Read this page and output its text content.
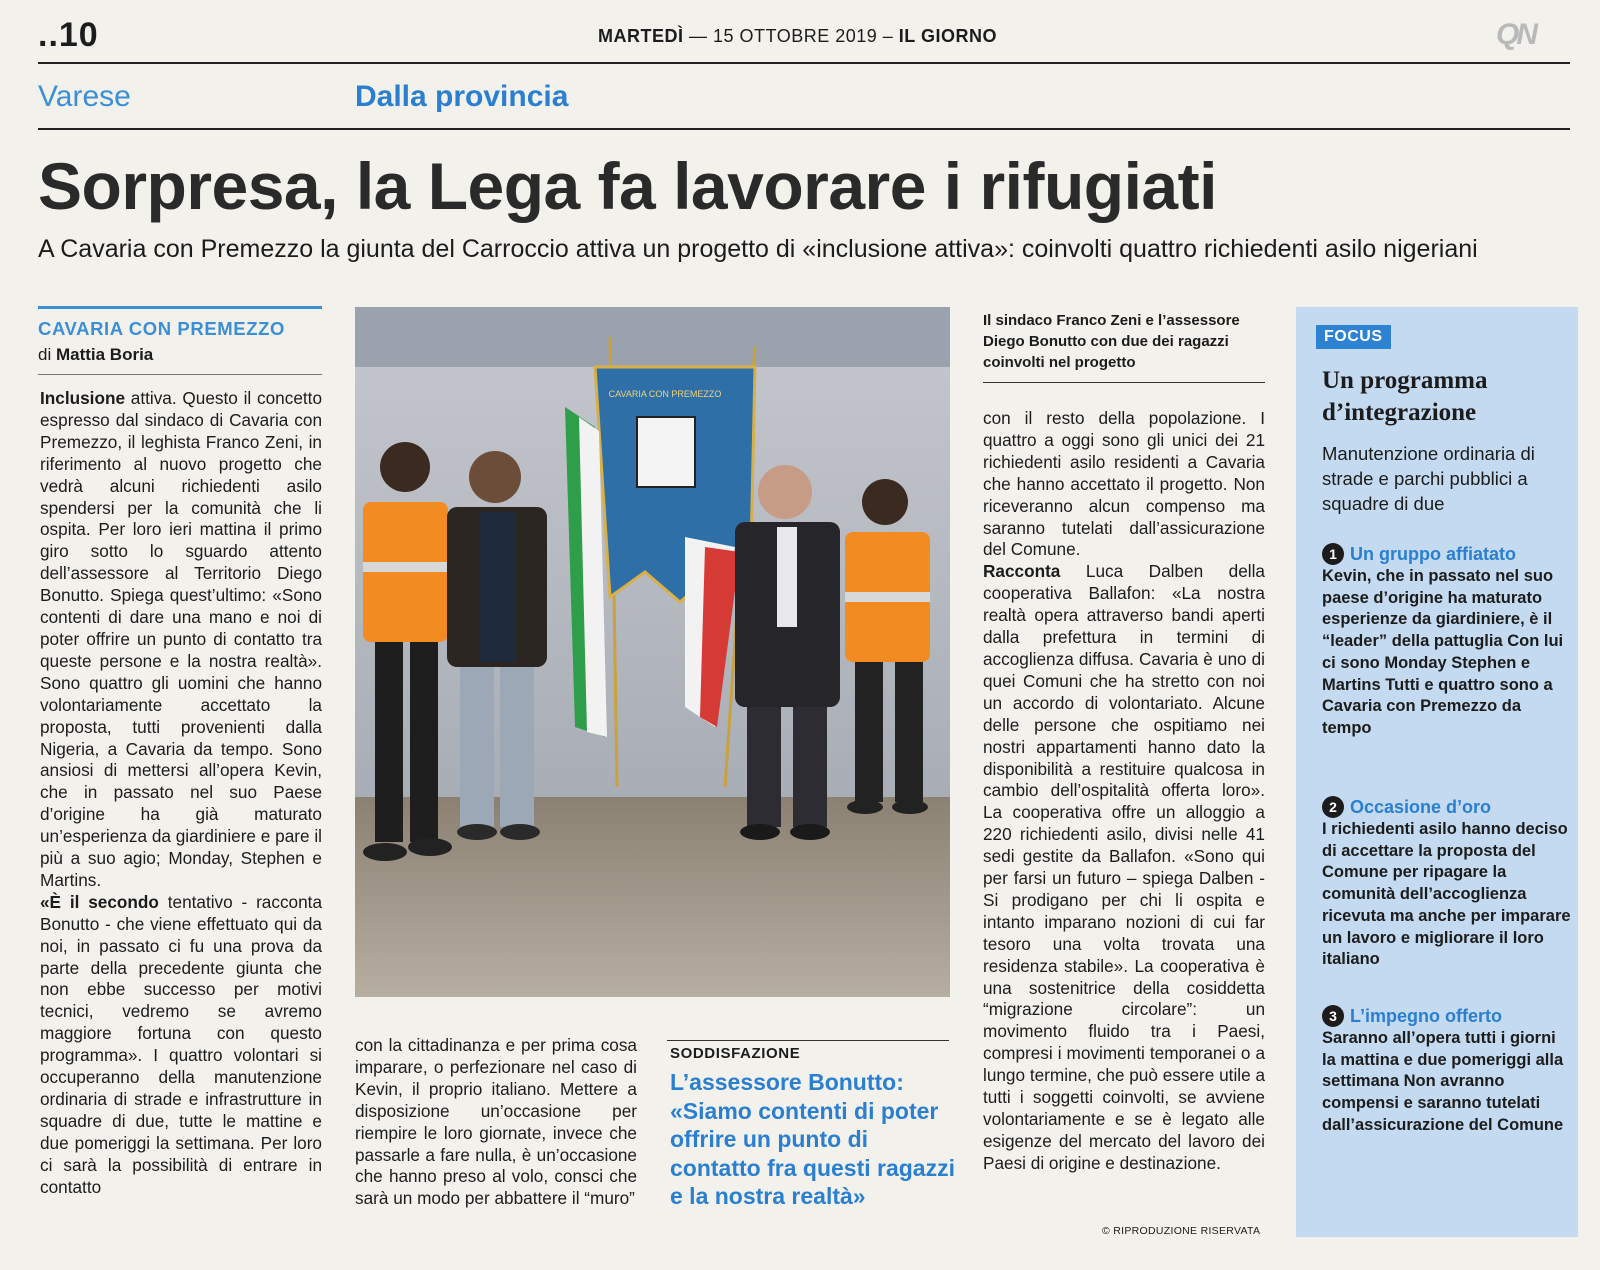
..10	MARTEDÌ — 15 OTTOBRE 2019 – IL GIORNO	QN
Varese	Dalla provincia
Sorpresa, la Lega fa lavorare i rifugiati
A Cavaria con Premezzo la giunta del Carroccio attiva un progetto di «inclusione attiva»: coinvolti quattro richiedenti asilo nigeriani
CAVARIA CON PREMEZZO
di Mattia Boria

Inclusione attiva. Questo il concetto espresso dal sindaco di Cavaria con Premezzo, il leghista Franco Zeni, in riferimento al nuovo progetto che vedrà alcuni richiedenti asilo spendersi per la comunità che li ospita. Per loro ieri mattina il primo giro sotto lo sguardo attento dell’assessore al Territorio Diego Bonutto. Spiega quest’ultimo: «Sono contenti di dare una mano e noi di poter offrire un punto di contatto tra queste persone e la nostra realtà». Sono quattro gli uomini che hanno volontariamente accettato la proposta, tutti provenienti dalla Nigeria, a Cavaria da tempo. Sono ansiosi di mettersi all’opera Kevin, che in passato nel suo Paese d’origine ha già maturato un’esperienza da giardiniere e pare il più a suo agio; Monday, Stephen e Martins.

«È il secondo tentativo - racconta Bonutto - che viene effettuato qui da noi, in passato ci fu una prova da parte della precedente giunta che non ebbe successo per motivi tecnici, vedremo se avremo maggiore fortuna con questo programma». I quattro volontari si occuperanno della manutenzione ordinaria di strade e infrastrutture in squadre di due, tutte le mattine e due pomeriggi la settimana. Per loro ci sarà la possibilità di entrare in contatto

CAVARIA CON PREMEZZO
Il sindaco Franco Zeni e l’assessore Diego Bonutto con due dei ragazzi coinvolti nel progetto

con la cittadinanza e per prima cosa imparare, o perfezionare nel caso di Kevin, il proprio italiano. Mettere a disposizione un’occasione per riempire le loro giornate, invece che passarle a fare nulla, è un’occasione che hanno preso al volo, consci che sarà un modo per abbattere il “muro”

SODDISFAZIONE
L’assessore Bonutto: «Siamo contenti di poter offrire un punto di contatto fra questi ragazzi e la nostra realtà»

con il resto della popolazione. I quattro a oggi sono gli unici dei 21 richiedenti asilo residenti a Cavaria che hanno accettato il progetto. Non riceveranno alcun compenso ma saranno tutelati dall’assicurazione del Comune.

Racconta Luca Dalben della cooperativa Ballafon: «La nostra realtà opera attraverso bandi aperti dalla prefettura in termini di accoglienza diffusa. Cavaria è uno di quei Comuni che ha stretto con noi un accordo di volontariato. Alcune delle persone che ospitiamo nei nostri appartamenti hanno dato la disponibilità a restituire qualcosa in cambio dell’ospitalità offerta loro». La cooperativa offre un alloggio a 220 richiedenti asilo, divisi nelle 41 sedi gestite da Ballafon. «Sono qui per farsi un futuro – spiega Dalben - Si prodigano per chi li ospita e intanto imparano nozioni di cui far tesoro una volta trovata una residenza stabile». La cooperativa è una sostenitrice della cosiddetta “migrazione circolare”: un movimento fluido tra i Paesi, compresi i movimenti temporanei o a lungo termine, che può essere utile a tutti i soggetti coinvolti, se avviene volontariamente e se è legato alle esigenze del mercato del lavoro dei Paesi di origine e destinazione.

© RIPRODUZIONE RISERVATA
FOCUS
Un programma d’integrazione
Manutenzione ordinaria di strade e parchi pubblici a squadre di due
1 Un gruppo affiatato
Kevin, che in passato nel suo paese d’origine ha maturato esperienze da giardiniere, è il “leader” della pattuglia Con lui ci sono Monday Stephen e Martins Tutti e quattro sono a Cavaria con Premezzo da tempo
2 Occasione d’oro
I richiedenti asilo hanno deciso di accettare la proposta del Comune per ripagare la comunità dell’accoglienza ricevuta ma anche per imparare un lavoro e migliorare il loro italiano
3 L’impegno offerto
Saranno all’opera tutti i giorni la mattina e due pomeriggi alla settimana Non avranno compensi e saranno tutelati dall’assicurazione del Comune
